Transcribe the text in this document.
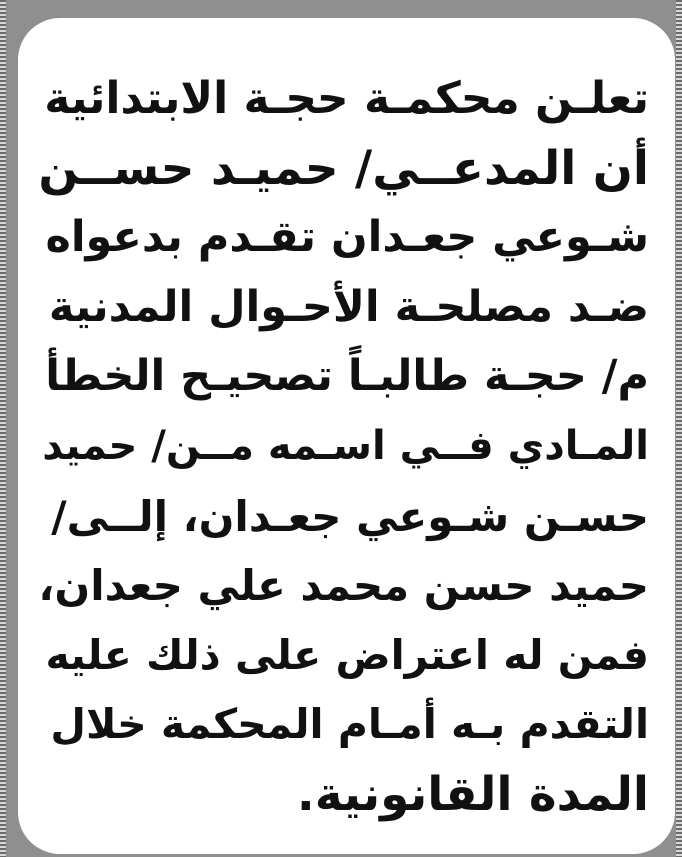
تعلـن محكمـة حجـة الابتدائية
أن المدعــي/ حميـد حســن
شـوعي جعـدان تقـدم بدعواه
ضـد مصلحـة الأحـوال المدنية
م/ حجـة طالبـاً تصحيـح الخطأ
المـادي فــي اسـمه مــن/ حميد
حسـن شـوعي جعـدان، إلــى/
حميد حسن محمد علي جعدان،
فمن له اعتراض على ذلك عليه
التقدم بـه أمـام المحكمة خلال
المدة القانونية.
